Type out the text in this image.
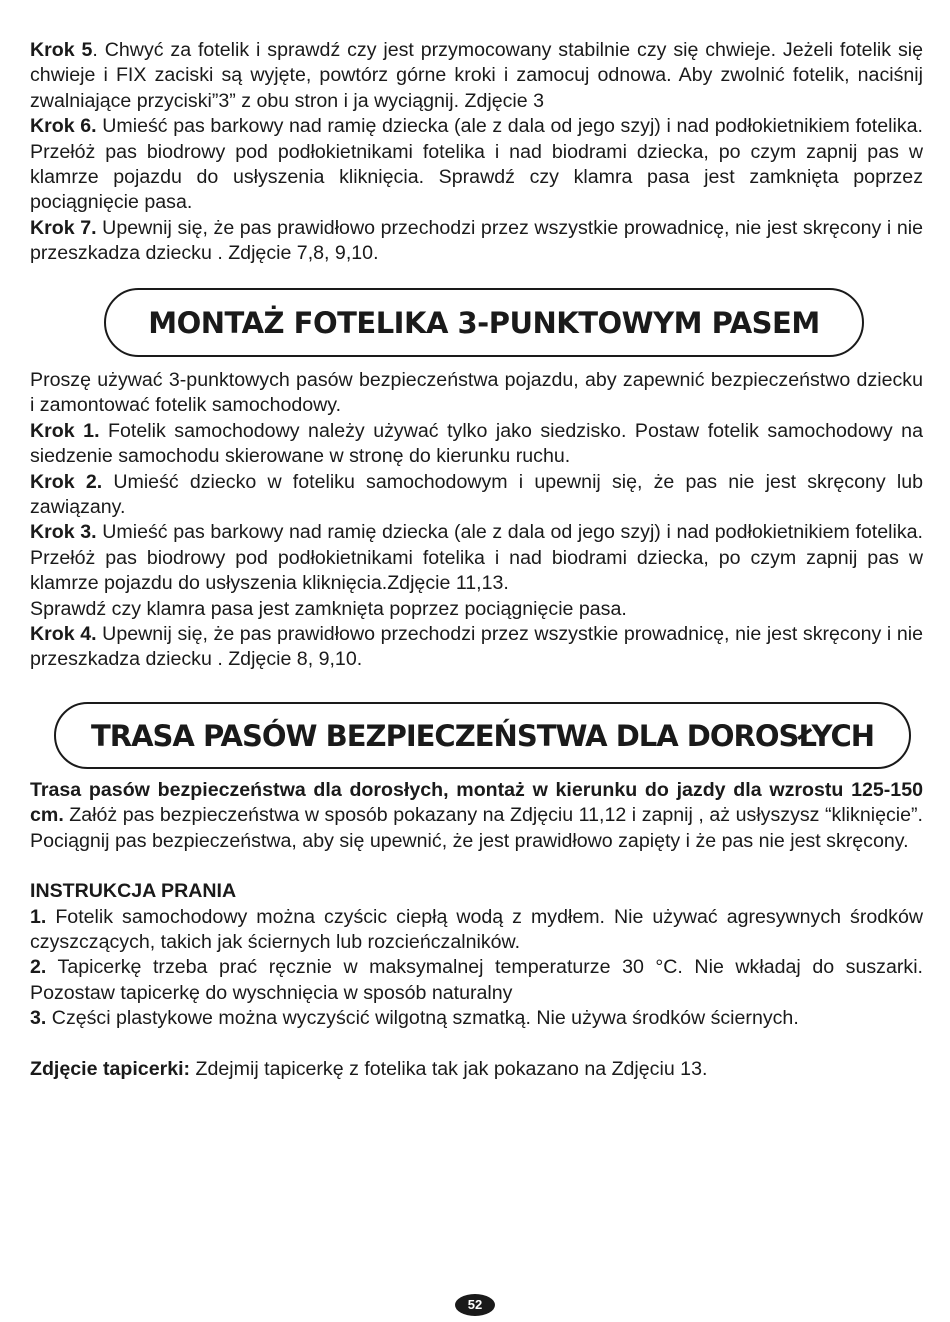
Krok 5. Chwyć za fotelik i sprawdź czy jest przymocowany stabilnie czy się chwieje. Jeżeli fotelik się chwieje i FIX zaciski są wyjęte, powtórz górne kroki i zamocuj odnowa. Aby zwolnić fotelik, naciśnij zwalniające przyciski”3” z obu stron i ja wyciągnij. Zdjęcie 3

Krok 6. Umieść pas barkowy nad ramię dziecka (ale z dala od jego szyj) i nad podłokietnikiem fotelika. Przełóż pas biodrowy pod podłokietnikami fotelika i nad biodrami dziecka, po czym zapnij pas w klamrze pojazdu do usłyszenia kliknięcia. Sprawdź czy klamra pasa jest zamknięta poprzez pociągnięcie pasa.

Krok 7. Upewnij się, że pas prawidłowo przechodzi przez wszystkie prowadnicę, nie jest skręcony i nie przeszkadza dziecku . Zdjęcie 7,8, 9,10.

MONTAŻ FOTELIKA 3-PUNKTOWYM PASEM

Proszę używać 3-punktowych pasów bezpieczeństwa pojazdu, aby zapewnić bezpieczeństwo dziecku i zamontować fotelik samochodowy.

Krok 1. Fotelik samochodowy należy używać tylko jako siedzisko. Postaw fotelik samochodowy na siedzenie samochodu skierowane w stronę do kierunku ruchu.

Krok 2. Umieść dziecko w foteliku samochodowym i upewnij się, że pas nie jest skręcony lub zawiązany.

Krok 3. Umieść pas barkowy nad ramię dziecka (ale z dala od jego szyj) i nad podłokietnikiem fotelika. Przełóż pas biodrowy pod podłokietnikami fotelika i nad biodrami dziecka, po czym zapnij pas w klamrze pojazdu do usłyszenia kliknięcia.Zdjęcie 11,13.

Sprawdź czy klamra pasa jest zamknięta poprzez pociągnięcie pasa.

Krok 4. Upewnij się, że pas prawidłowo przechodzi przez wszystkie prowadnicę, nie jest skręcony i nie przeszkadza dziecku . Zdjęcie 8, 9,10.

TRASA PASÓW BEZPIECZEŃSTWA DLA DOROSŁYCH

Trasa pasów bezpieczeństwa dla dorosłych, montaż w kierunku do jazdy dla wzrostu 125-150 cm. Załóż pas bezpieczeństwa w sposób pokazany na Zdjęciu 11,12 i zapnij , aż usłyszysz “kliknięcie”. Pociągnij pas bezpieczeństwa, aby się upewnić, że jest prawidłowo zapięty i że pas nie jest skręcony.

INSTRUKCJA PRANIA

1. Fotelik samochodowy można czyścic ciepłą wodą z mydłem. Nie używać agresywnych środków czyszczących, takich jak ściernych lub rozcieńczalników.

2. Tapicerkę trzeba prać ręcznie w maksymalnej temperaturze 30 °C. Nie wkładaj do suszarki. Pozostaw tapicerkę do wyschnięcia w sposób naturalny

3. Części plastykowe można wyczyścić wilgotną szmatką. Nie używa środków ściernych.

Zdjęcie tapicerki: Zdejmij tapicerkę z fotelika tak jak pokazano na Zdjęciu 13.

52
